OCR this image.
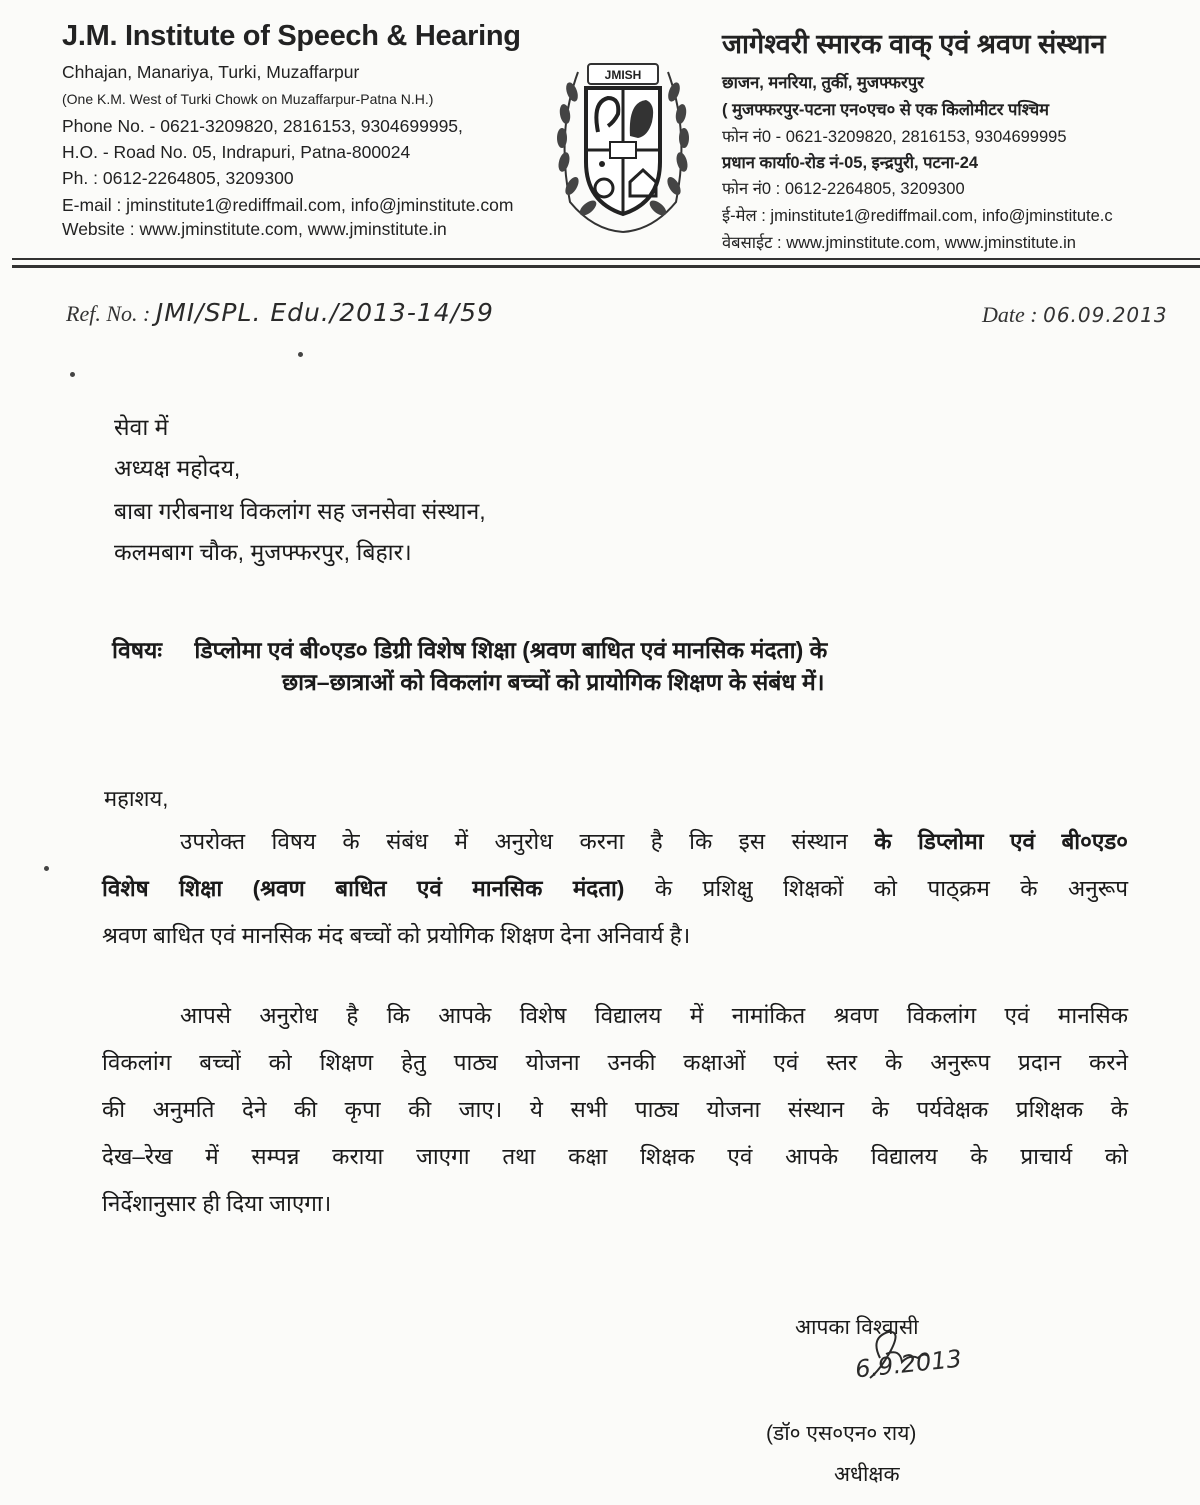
J.M. Institute of Speech & Hearing
Chhajan, Manariya, Turki, Muzaffarpur
(One K.M. West of Turki Chowk on Muzaffarpur-Patna N.H.)
Phone No. - 0621-3209820, 2816153, 9304699995,
H.O. - Road No. 05, Indrapuri, Patna-800024
Ph. : 0612-2264805, 3209300
E-mail : jminstitute1@rediffmail.com, info@jminstitute.com
Website : www.jminstitute.com, www.jminstitute.in
JMISH
जागेश्वरी स्मारक वाक् एवं श्रवण संस्थान
छाजन, मनरिया, तुर्की, मुजफ्फरपुर
( मुजफ्फरपुर-पटना एन०एच० से एक किलोमीटर पश्चिम
फोन नं0 - 0621-3209820, 2816153, 9304699995
प्रधान कार्या0-रोड नं-05, इन्द्रपुरी, पटना-24
फोन नं0 : 0612-2264805, 3209300
ई-मेल : jminstitute1@rediffmail.com, info@jminstitute.c
वेबसाईट : www.jminstitute.com, www.jminstitute.in
Ref. No. : JMI/SPL. Edu./2013-14/59	Date : 06.09.2013
सेवा में
अध्यक्ष महोदय,
बाबा गरीबनाथ विकलांग सह जनसेवा संस्थान,
कलमबाग चौक, मुजफ्फरपुर, बिहार।
विषयः डिप्लोमा एवं बी०एड० डिग्री विशेष शिक्षा (श्रवण बाधित एवं मानसिक मंदता) के
छात्र–छात्राओं को विकलांग बच्चों को प्रायोगिक शिक्षण के संबंध में।
महाशय,
उपरोक्त विषय के संबंध में अनुरोध करना है कि इस संस्थान के डिप्लोमा एवं बी०एड०
विशेष शिक्षा (श्रवण बाधित एवं मानसिक मंदता) के प्रशिक्षु शिक्षकों को पाठ्क्रम के अनुरूप
श्रवण बाधित एवं मानसिक मंद बच्चों को प्रयोगिक शिक्षण देना अनिवार्य है।
आपसे अनुरोध है कि आपके विशेष विद्यालय में नामांकित श्रवण विकलांग एवं मानसिक
विकलांग बच्चों को शिक्षण हेतु पाठ्य योजना उनकी कक्षाओं एवं स्तर के अनुरूप प्रदान करने
की अनुमति देने की कृपा की जाए। ये सभी पाठ्य योजना संस्थान के पर्यवेक्षक प्रशिक्षक के
देख–रेख में सम्पन्न कराया जाएगा तथा कक्षा शिक्षक एवं आपके विद्यालय के प्राचार्य को
निर्देशानुसार ही दिया जाएगा।
आपका विश्वासी
6.9.2013
(डॉ० एस०एन० राय)
अधीक्षक
